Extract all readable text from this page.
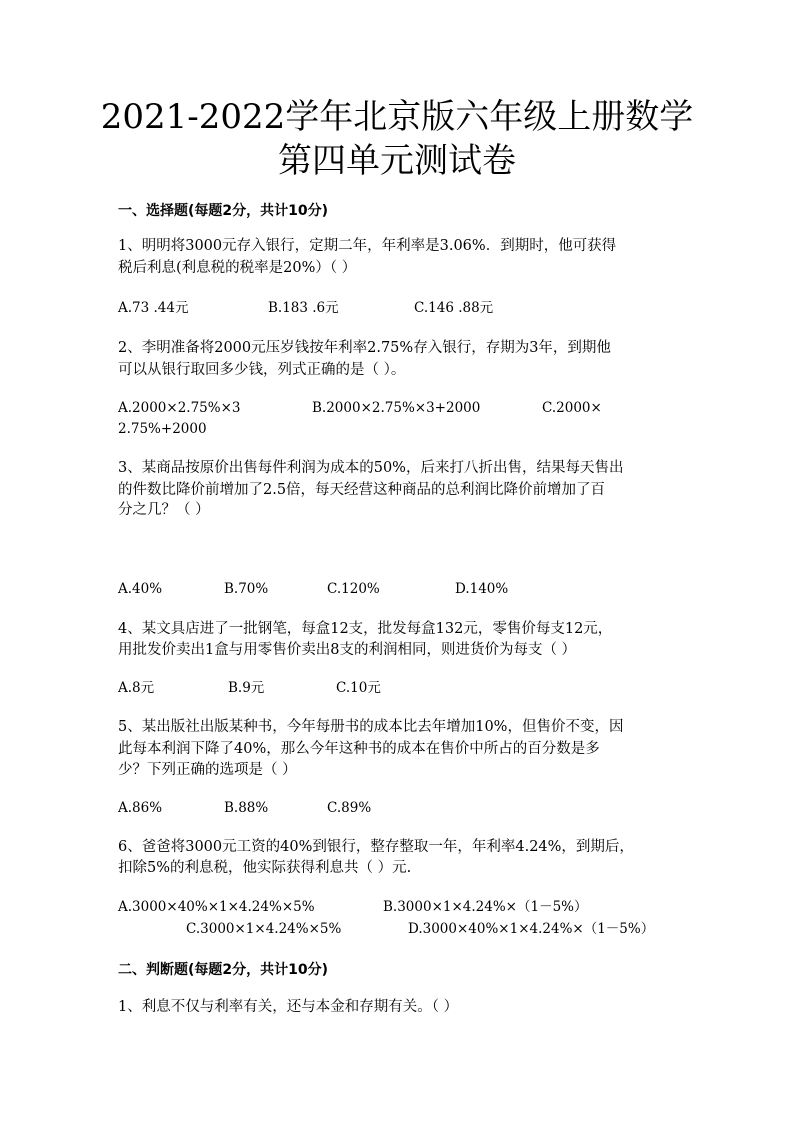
2021-2022学年北京版六年级上册数学
第四单元测试卷
一、选择题(每题2分，共计10分)
1、明明将3000元存入银行，定期二年，年利率是3.06%．到期时，他可获得
税后利息(利息税的税率是20%）（ ）
A.73 .44元	B.183 .6元	C.146 .88元
2、李明准备将2000元压岁钱按年利率2.75%存入银行，存期为3年，到期他
可以从银行取回多少钱，列式正确的是（ ）。
A.2000×2.75%×3	B.2000×2.75%×3+2000	C.2000×
2.75%+2000
3、某商品按原价出售每件利润为成本的50%，后来打八折出售，结果每天售出
的件数比降价前增加了2.5倍，每天经营这种商品的总利润比降价前增加了百
分之几？（ ）
A.40%	B.70%	C.120%	D.140%
4、某文具店进了一批钢笔，每盒12支，批发每盒132元，零售价每支12元，
用批发价卖出1盒与用零售价卖出8支的利润相同，则进货价为每支（ ）
A.8元	B.9元	C.10元
5、某出版社出版某种书，今年每册书的成本比去年增加10%，但售价不变，因
此每本利润下降了40%，那么今年这种书的成本在售价中所占的百分数是多
少？下列正确的选项是（ ）
A.86%	B.88%	C.89%
6、爸爸将3000元工资的40%到银行，整存整取一年，年利率4.24%，到期后，
扣除5%的利息税，他实际获得利息共（ ）元.
A.3000×40%×1×4.24%×5%	B.3000×1×4.24%×（1－5%）
C.3000×1×4.24%×5%	D.3000×40%×1×4.24%×（1－5%）
二、判断题(每题2分，共计10分)
1、利息不仅与利率有关，还与本金和存期有关。（ ）
